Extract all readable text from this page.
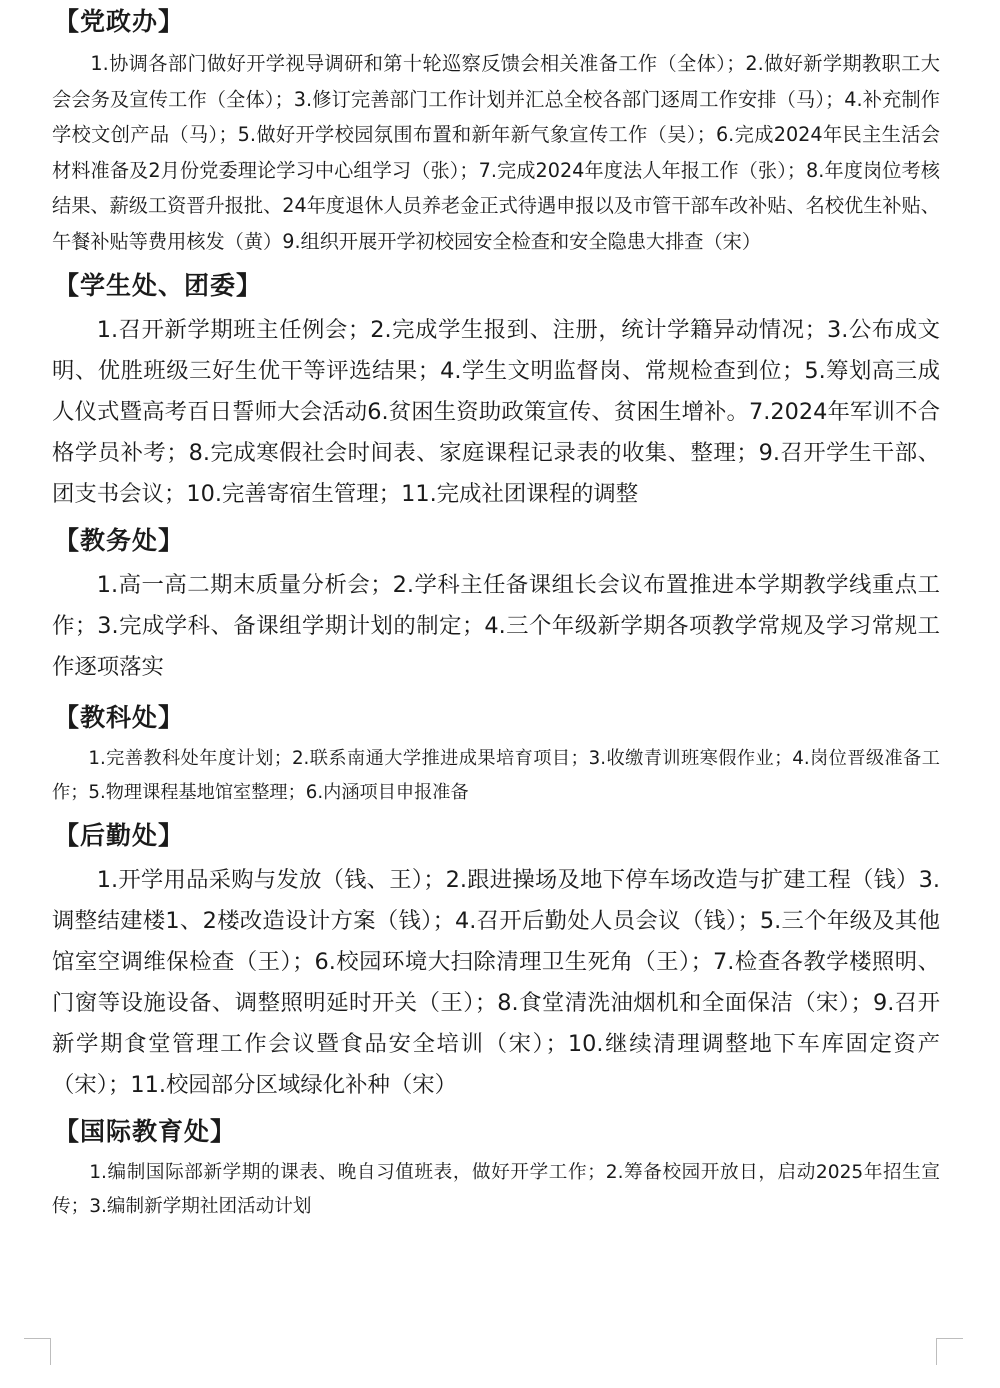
【党政办】

1.协调各部门做好开学视导调研和第十轮巡察反馈会相关准备工作（全体）；2.做好新学期教职工大会会务及宣传工作（全体）；3.修订完善部门工作计划并汇总全校各部门逐周工作安排（马）；4.补充制作学校文创产品（马）；5.做好开学校园氛围布置和新年新气象宣传工作（吴）；6.完成2024年民主生活会材料准备及2月份党委理论学习中心组学习（张）；7.完成2024年度法人年报工作（张）；8.年度岗位考核结果、薪级工资晋升报批、24年度退休人员养老金正式待遇申报以及市管干部车改补贴、名校优生补贴、午餐补贴等费用核发（黄）9.组织开展开学初校园安全检查和安全隐患大排查（宋）

【学生处、团委】

1.召开新学期班主任例会；2.完成学生报到、注册，统计学籍异动情况；3.公布成文明、优胜班级三好生优干等评选结果；4.学生文明监督岗、常规检查到位；5.筹划高三成人仪式暨高考百日誓师大会活动6.贫困生资助政策宣传、贫困生增补。7.2024年军训不合格学员补考；8.完成寒假社会时间表、家庭课程记录表的收集、整理；9.召开学生干部、团支书会议；10.完善寄宿生管理；11.完成社团课程的调整

【教务处】

1.高一高二期末质量分析会；2.学科主任备课组长会议布置推进本学期教学线重点工作；3.完成学科、备课组学期计划的制定；4.三个年级新学期各项教学常规及学习常规工作逐项落实

【教科处】

1.完善教科处年度计划；2.联系南通大学推进成果培育项目；3.收缴青训班寒假作业；4.岗位晋级准备工作；5.物理课程基地馆室整理；6.内涵项目申报准备

【后勤处】

1.开学用品采购与发放（钱、王）；2.跟进操场及地下停车场改造与扩建工程（钱）3.调整结建楼1、2楼改造设计方案（钱）；4.召开后勤处人员会议（钱）；5.三个年级及其他馆室空调维保检查（王）；6.校园环境大扫除清理卫生死角（王）；7.检查各教学楼照明、门窗等设施设备、调整照明延时开关（王）；8.食堂清洗油烟机和全面保洁（宋）；9.召开新学期食堂管理工作会议暨食品安全培训（宋）；10.继续清理调整地下车库固定资产（宋）；11.校园部分区域绿化补种（宋）

【国际教育处】

1.编制国际部新学期的课表、晚自习值班表，做好开学工作；2.筹备校园开放日，启动2025年招生宣传；3.编制新学期社团活动计划
